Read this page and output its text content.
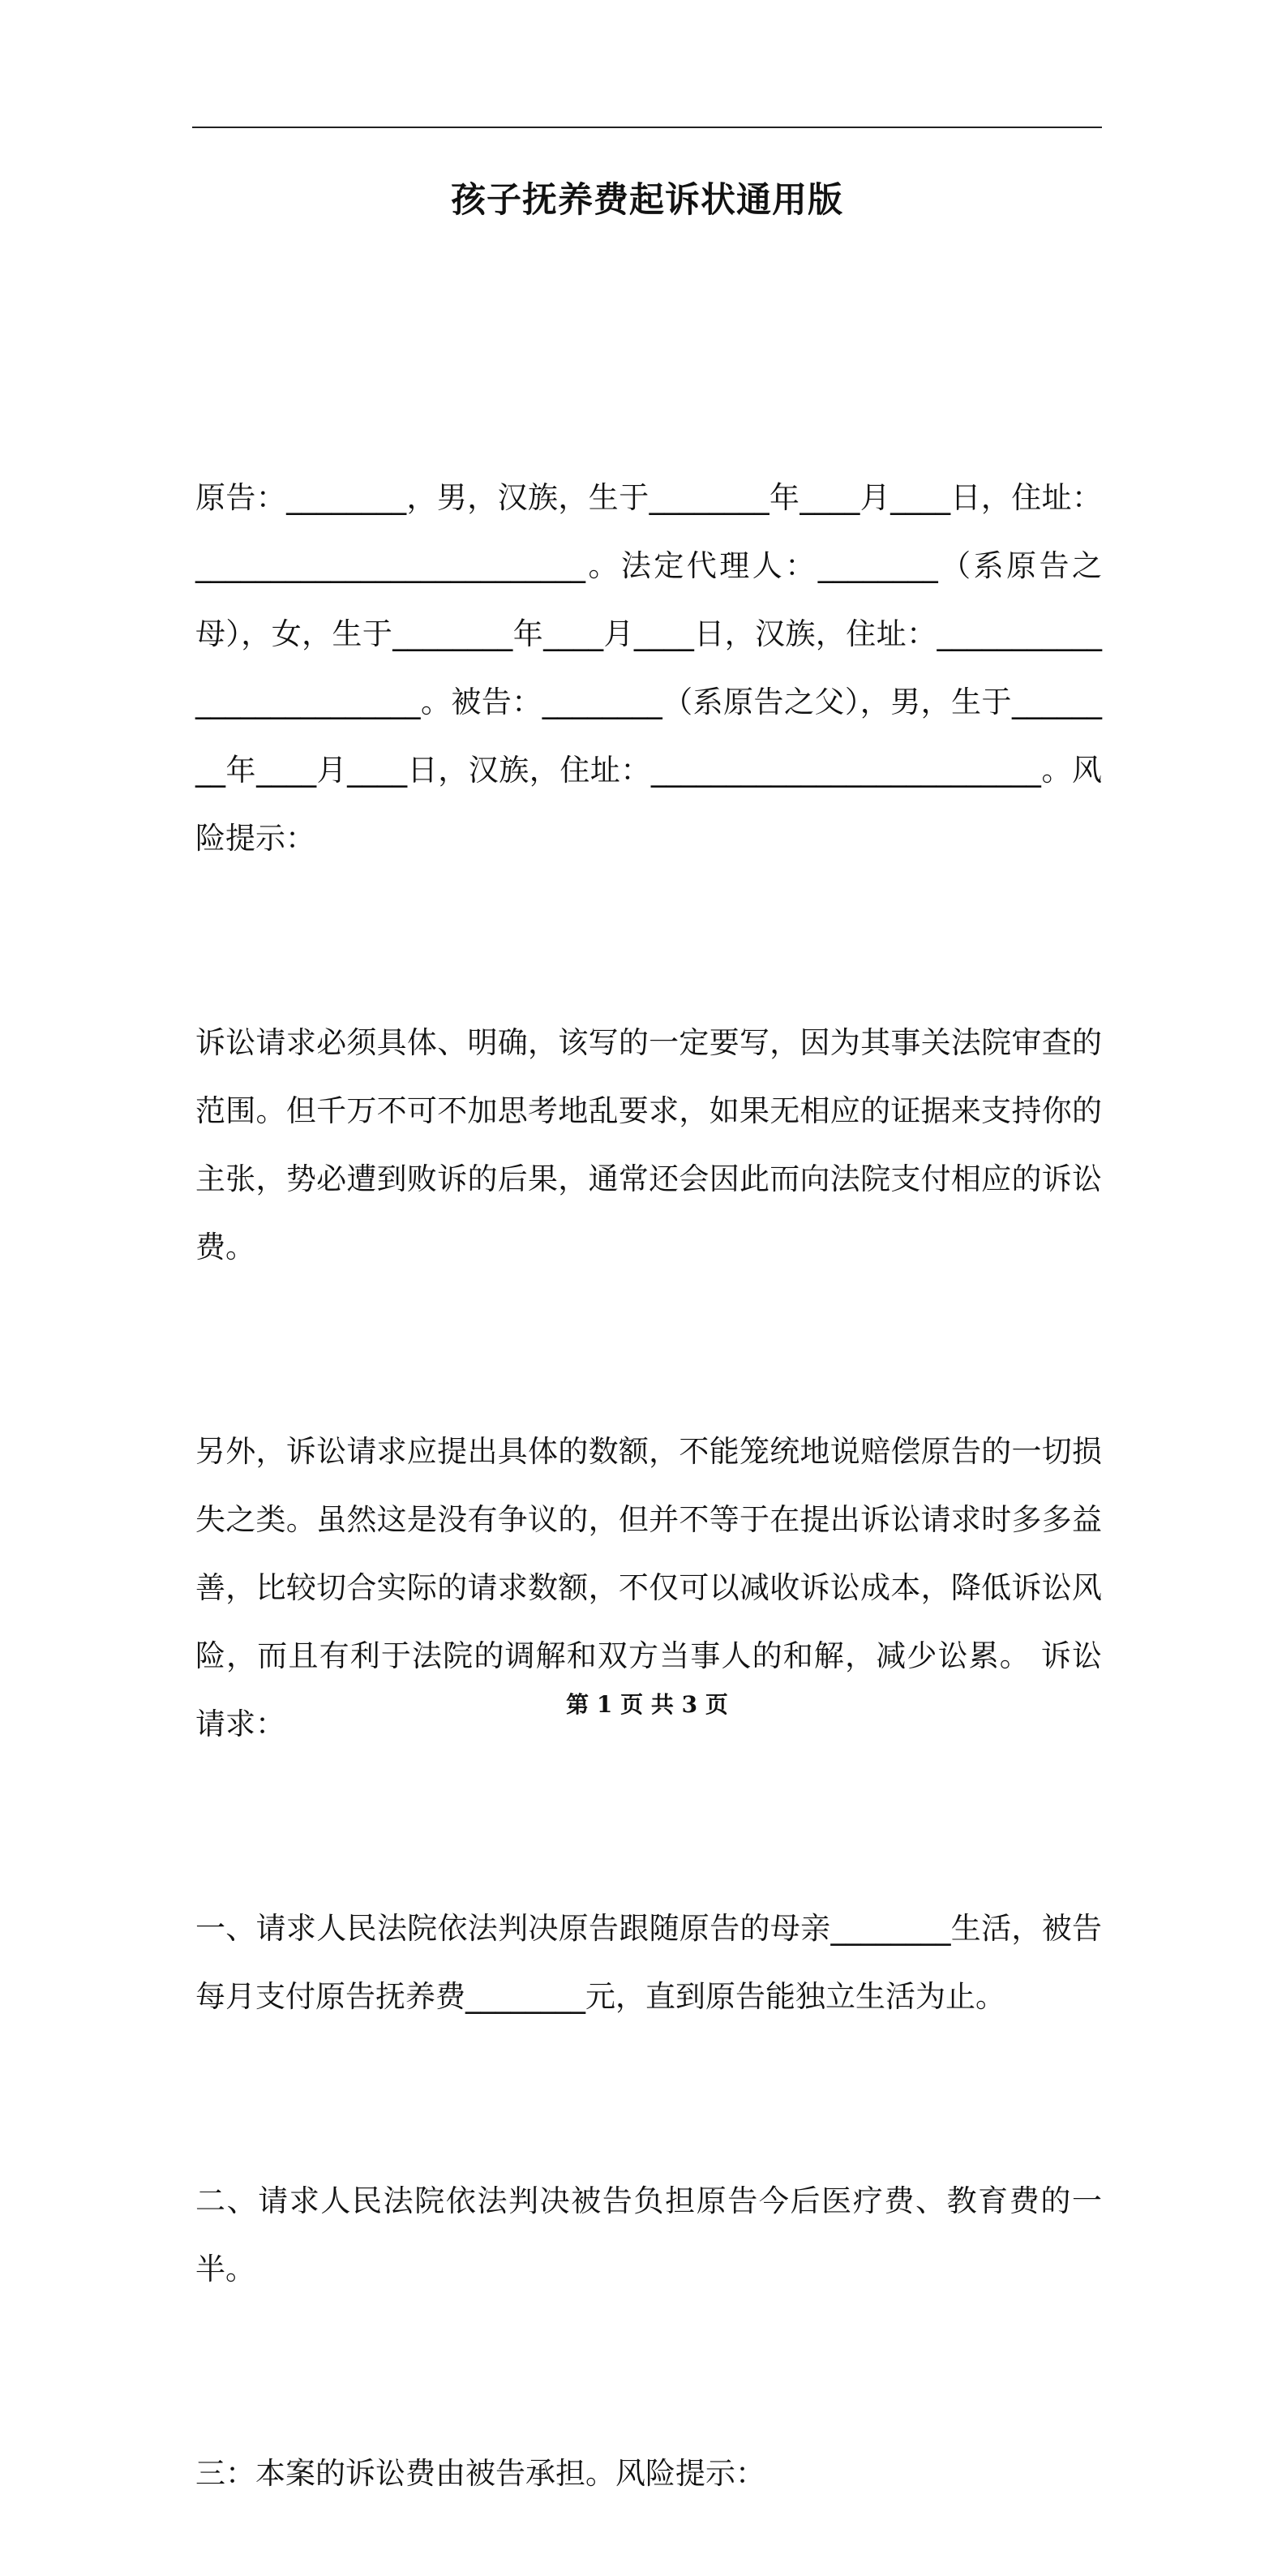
孩子抚养费起诉状通用版

原告：________，男，汉族，生于________年____月____日，住址：__________________________。法定代理人：________（系原告之母），女，生于________年____月____日，汉族，住址：__________________________。被告：________（系原告之父），男，生于________年____月____日，汉族，住址：__________________________。风险提示：

诉讼请求必须具体、明确，该写的一定要写，因为其事关法院审查的范围。但千万不可不加思考地乱要求，如果无相应的证据来支持你的主张，势必遭到败诉的后果，通常还会因此而向法院支付相应的诉讼费。

另外，诉讼请求应提出具体的数额，不能笼统地说赔偿原告的一切损失之类。虽然这是没有争议的，但并不等于在提出诉讼请求时多多益善，比较切合实际的请求数额，不仅可以减收诉讼成本，降低诉讼风险，而且有利于法院的调解和双方当事人的和解，减少讼累。 诉讼请求：

一、请求人民法院依法判决原告跟随原告的母亲________生活，被告每月支付原告抚养费________元，直到原告能独立生活为止。

二、请求人民法院依法判决被告负担原告今后医疗费、教育费的一半。

三：本案的诉讼费由被告承担。风险提示：

第 1 页 共 3 页
